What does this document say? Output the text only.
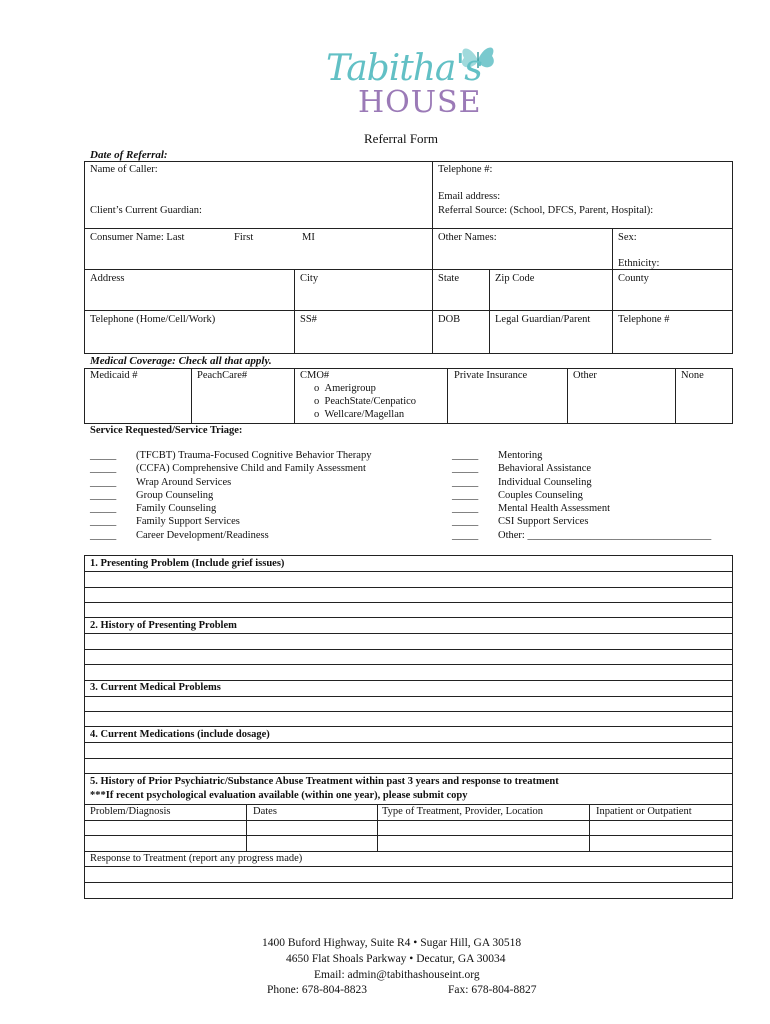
Tabitha's
HOUSE
Referral Form
Date of Referral:
Name of Caller:	Telephone #:
Email address:
Client’s Current Guardian:	Referral Source: (School, DFCS, Parent, Hospital):
Consumer Name: Last	First	MI	Other Names:	Sex:
Ethnicity:
Address	City	State	Zip Code	County
Telephone (Home/Cell/Work)	SS#	DOB	Legal Guardian/Parent	Telephone #
Medical Coverage: Check all that apply.
Medicaid #	PeachCare#	CMO#
o  Amerigroup
o  PeachState/Cenpatico
o  Wellcare/Magellan
Private Insurance	Other	None
Service Requested/Service Triage:
_____ (TFCBT) Trauma-Focused Cognitive Behavior Therapy
_____ (CCFA) Comprehensive Child and Family Assessment
_____ Wrap Around Services
_____ Group Counseling
_____ Family Counseling
_____ Family Support Services
_____ Career Development/Readiness
_____ Mentoring
_____ Behavioral Assistance
_____ Individual Counseling
_____ Couples Counseling
_____ Mental Health Assessment
_____ CSI Support Services
_____ Other: ___________________________________
1. Presenting Problem (Include grief issues)
2. History of Presenting Problem
3. Current Medical Problems
4. Current Medications (include dosage)
5. History of Prior Psychiatric/Substance Abuse Treatment within past 3 years and response to treatment
***If recent psychological evaluation available (within one year), please submit copy
Problem/Diagnosis	Dates	Type of Treatment, Provider, Location	Inpatient or Outpatient
Response to Treatment (report any progress made)
1400 Buford Highway, Suite R4 • Sugar Hill, GA 30518
4650 Flat Shoals Parkway • Decatur, GA 30034
Email: admin@tabithashouseint.org
Phone: 678-804-8823	Fax: 678-804-8827
